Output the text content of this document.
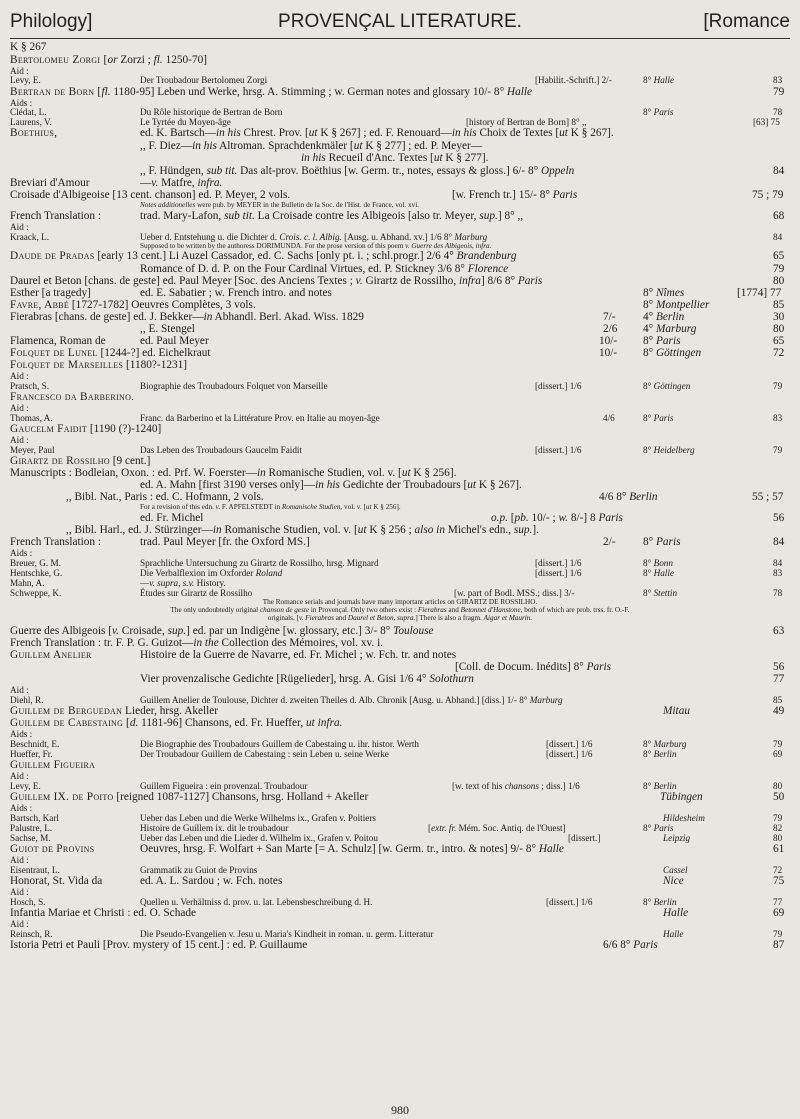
Philology]	PROVENÇAL LITERATURE.	[Romance
K § 267
Bertolomeu Zorgi [or Zorzi ; fl. 1250-70]
Aid :
Levy, E.	Der Troubadour Bertolomeu Zorgi	[Habilit.-Schrift.] 2/-	8° Halle	83
Bertran de Born [fl. 1180-95] Leben und Werke, hrsg. A. Stimming ; w. German notes and glossary 10/- 8° Halle	79
Aids :
Clédat, L.	Du Rôle historique de Bertran de Born	8° Paris	78
Laurens, V.	Le Tyrtée du Moyen-âge	[history of Bertran de Born] 8° ,,	[63] 75
Boethius,	ed. K. Bartsch—in his Chrest. Prov. [ut K § 267] ; ed. F. Renouard—in his Choix de Textes [ut K § 267].
,, F. Diez—in his Altroman. Sprachdenkmäler [ut K § 277] ; ed. P. Meyer—
in his Recueil d'Anc. Textes [ut K § 277].
,, F. Hündgen, sub tit. Das alt-prov. Boëthius [w. Germ. tr., notes, essays & gloss.] 6/- 8° Oppeln	84
Breviari d'Amour	—v. Matfre, infra.
Croisade d'Albigeoise [13 cent. chanson] ed. P. Meyer, 2 vols.	[w. French tr.] 15/- 8° Paris	75 ; 79
Notes additionelles were pub. by MEYER in the Bulletin de la Soc. de l'Hist. de France, vol. xvi.
French Translation :	trad. Mary-Lafon, sub tit. La Croisade contre les Albigeois [also tr. Meyer, sup.] 8° ,,	68
Aid :
Kraack, L.	Ueber d. Entstehung u. die Dichter d. Crois. c. l. Albig. [Ausg. u. Abhand. xv.] 1/6 8° Marburg	84
Supposed to be written by the authoress DORIMUNDA. For the prose version of this poem v. Guerre des Albigeois, infra.
Daude de Pradas [early 13 cent.] Li Auzel Cassador, ed. C. Sachs [only pt. i. ; schl.progr.] 2/6 4° Brandenburg	65
Romance of D. d. P. on the Four Cardinal Virtues, ed. P. Stickney 3/6 8° Florence	79
Daurel et Beton [chans. de geste] ed. Paul Meyer [Soc. des Anciens Textes ; v. Girartz de Rossilho, infra] 8/6 8° Paris	80
Esther [a tragedy]	ed. E. Sabatier ; w. French intro. and notes	8° Nîmes	[1774] 77
Favre, Abbé [1727-1782] Oeuvres Complètes, 3 vols.	8° Montpellier	85
Fierabras [chans. de geste] ed. J. Bekker—in Abhandl. Berl. Akad. Wiss. 1829	7/- 4° Berlin	30
,, E. Stengel	2/6 4° Marburg	80
Flamenca, Roman de	ed. Paul Meyer	10/- 8° Paris	65
Folquet de Lunel [1244-?] ed. Eichelkraut	10/- 8° Göttingen	72
Folquet de Marseilles [1180?-1231]
Aid :
Pratsch, S.	Biographie des Troubadours Folquet von Marseille	[dissert.] 1/6	8° Göttingen	79
Francesco da Barberino.
Aid :
Thomas, A.	Franc. da Barberino et la Littérature Prov. en Italie au moyen-âge	4/6	8° Paris	83
Gaucelm Faidit [1190 (?)-1240]
Aid :
Meyer, Paul	Das Leben des Troubadours Gaucelm Faidit	[dissert.] 1/6	8° Heidelberg	79
Girartz de Rossilho [9 cent.]
Manuscripts : Bodleian, Oxon. : ed. Prf. W. Foerster—in Romanische Studien, vol. v. [ut K § 256].
ed. A. Mahn [first 3190 verses only]—in his Gedichte der Troubadours [ut K § 267].
,, Bibl. Nat., Paris : ed. C. Hofmann, 2 vols.	4/6 8° Berlin	55 ; 57
For a revision of this edn. v. F. APFELSTEDT in Romanische Studien, vol. v. [ut K § 256].
ed. Fr. Michel	o.p. [pb. 10/- ; w. 8/-] 8 Paris	56
,, Bibl. Harl., ed. J. Stürzinger—in Romanische Studien, vol. v. [ut K § 256 ; also in Michel's edn., sup.].
French Translation :	trad. Paul Meyer [fr. the Oxford MS.]	2/- 8° Paris	84
Aids :
Breuer, G. M.	Sprachliche Untersuchung zu Girartz de Rossilho, hrsg. Mignard	[dissert.] 1/6	8° Bonn	84
Hentschke, G.	Die Verbalflexion im Oxforder Roland	[dissert.] 1/6	8° Halle	83
Mahn, A.	—v. supra, s.v. History.
Schweppe, K.	Études sur Girartz de Rossilho	[w. part of Bodl. MSS.; diss.] 3/-	8° Stettin	78
The Romance serials and journals have many important articles on GIRARTZ DE ROSSILHO.
The only undoubtedly original chanson de geste in Provençal. Only two others exist : Fierabras and Betonnet d'Hanstone, both of which are prob. trss. fr. O.-F.
originals. [v. Fierabras and Daurel et Beton, supra.] There is also a fragm. Aigar et Maurin.
Guerre des Albigeois [v. Croisade, sup.] ed. par un Indigène [w. glossary, etc.] 3/- 8° Toulouse	63
French Translation : tr. F. P. G. Guizot—in the Collection des Mémoires, vol. xv. i.
Guillem Anelier	Histoire de la Guerre de Navarre, ed. Fr. Michel ; w. Fch. tr. and notes
[Coll. de Docum. Inédits] 8° Paris	56
Vier provenzalische Gedichte [Rügelieder], hrsg. A. Gisi 1/6 4° Solothurn	77
Aid :
Diehl, R.	Guillem Anelier de Toulouse, Dichter d. zweiten Theiles d. Alb. Chronik [Ausg. u. Abhand.] [diss.] 1/- 8° Marburg	85
Guillem de Berguedan Lieder, hrsg. Akeller	Mitau	49
Guillem de Cabestaing [d. 1181-96] Chansons, ed. Fr. Hueffer, ut infra.
Aids :
Beschnidt, E.	Die Biographie des Troubadours Guillem de Cabestaing u. ihr. histor. Werth	[dissert.] 1/6	8° Marburg	79
Hueffer, Fr.	Der Troubadour Guillem de Cabestaing : sein Leben u. seine Werke	[dissert.] 1/6	8° Berlin	69
Guillem Figueira
Aid :
Levy, E.	Guillem Figueira : ein provenzal. Troubadour	[w. text of his chansons ; diss.] 1/6	8° Berlin	80
Guillem IX. de Poito [reigned 1087-1127] Chansons, hrsg. Holland + Akeller	Tübingen	50
Aids :
Bartsch, Karl	Ueber das Leben und die Werke Wilhelms ix., Grafen v. Poitiers	Hildesheim	79
Palustre, L.	Histoire de Guillem ix. dit le troubadour	[extr. fr. Mém. Soc. Antiq. de l'Ouest]	8° Paris	82
Sachse, M.	Ueber das Leben und die Lieder d. Wilhelm ix., Grafen v. Poitou	[dissert.]	Leipzig	80
Guiot de Provins	Oeuvres, hrsg. F. Wolfart + San Marte [= A. Schulz] [w. Germ. tr., intro. & notes] 9/- 8° Halle	61
Aid :
Eisentraut, L.	Grammatik zu Guiot de Provins	Cassel	72
Honorat, St. Vida da	ed. A. L. Sardou ; w. Fch. notes	Nice	75
Aid :
Hosch, S.	Quellen u. Verhältniss d. prov. u. lat. Lebensbeschreibung d. H.	[dissert.] 1/6	8° Berlin	77
Infantia Mariae et Christi : ed. O. Schade	Halle	69
Aid :
Reinsch, R.	Die Pseudo-Evangelien v. Jesu u. Maria's Kindheit in roman. u. germ. Litteratur	Halle	79
Istoria Petri et Pauli [Prov. mystery of 15 cent.] : ed. P. Guillaume	6/6 8° Paris	87
980
